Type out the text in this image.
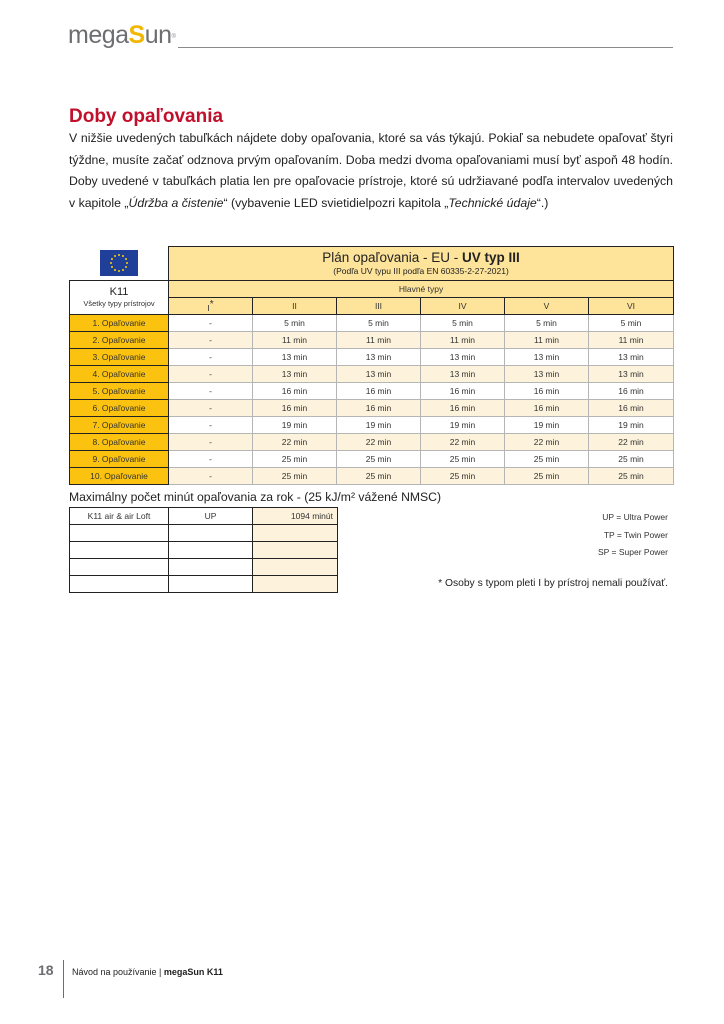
megaSun®
Doby opaľovania

V nižšie uvedených tabuľkách nájdete doby opaľovania, ktoré sa vás týkajú. Pokiaľ sa nebudete opaľovať štyri týždne, musíte začať odznova prvým opaľovaním. Doba medzi dvoma opaľovaniami musí byť aspoň 48 hodín. Doby uvedené v tabuľkách platia len pre opaľovacie prístroje, ktoré sú udržiavané podľa intervalov uvedených v kapitole „Údržba a čistenie“ (vybavenie LED svietidielpozri kapitola „Technické údaje“.)

	Plán opaľovania - EU - UV typ III
(Podľa UV typu III podľa EN 60335-2-27-2021)					

K11
Všetky typy prístrojov	Hlavné typy					
	I*	II	III	IV	V	VI
1. Opaľovanie	-	5 min	5 min	5 min	5 min	5 min
2. Opaľovanie	-	11 min	11 min	11 min	11 min	11 min
3. Opaľovanie	-	13 min	13 min	13 min	13 min	13 min
4. Opaľovanie	-	13 min	13 min	13 min	13 min	13 min
5. Opaľovanie	-	16 min	16 min	16 min	16 min	16 min
6. Opaľovanie	-	16 min	16 min	16 min	16 min	16 min
7. Opaľovanie	-	19 min	19 min	19 min	19 min	19 min
8. Opaľovanie	-	22 min	22 min	22 min	22 min	22 min
9. Opaľovanie	-	25 min	25 min	25 min	25 min	25 min
10. Opaľovanie	-	25 min	25 min	25 min	25 min	25 min

Maximálny počet minút opaľovania za rok - (25 kJ/m² vážené NMSC)

K11 air & air Loft	UP	1094 minút

			UP = Ultra Power
TP = Twin Power
SP = Super Power
* Osoby s typom pleti I by prístroj nemali používať.
18 Návod na používanie | megaSun K11
